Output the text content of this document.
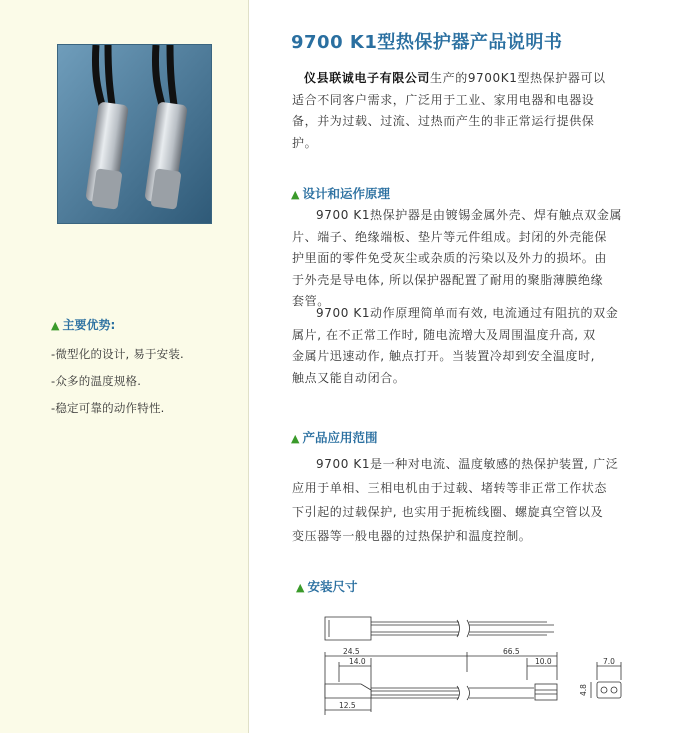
▲ 主要优势:
-微型化的设计, 易于安装.
-众多的温度规格.
-稳定可靠的动作特性.
9700 K1型热保护器产品说明书
仪县联诚电子有限公司生产的9700K1型热保护器可以
适合不同客户需求，广泛用于工业、家用电器和电器设
备，并为过载、过流、过热而产生的非正常运行提供保
护。
▲ 设计和运作原理
9700 K1热保护器是由镀锡金属外壳、焊有触点双金属
片、端子、绝缘端板、垫片等元件组成。封闭的外壳能保
护里面的零件免受灰尘或杂质的污染以及外力的损坏。由
于外壳是导电体, 所以保护器配置了耐用的聚脂薄膜绝缘
套管。
9700 K1动作原理简单而有效, 电流通过有阻抗的双金
属片, 在不正常工作时, 随电流增大及周围温度升高, 双
金属片迅速动作, 触点打开。当装置冷却到安全温度时,
触点又能自动闭合。
▲ 产品应用范围
9700 K1是一种对电流、温度敏感的热保护装置, 广泛
应用于单相、三相电机由于过载、堵转等非正常工作状态
下引起的过载保护, 也实用于扼梳线圈、螺旋真空管以及
变压器等一般电器的过热保护和温度控制。
▲ 安装尺寸
24.5
14.0
66.5
10.0
12.5
7.0
4.8
